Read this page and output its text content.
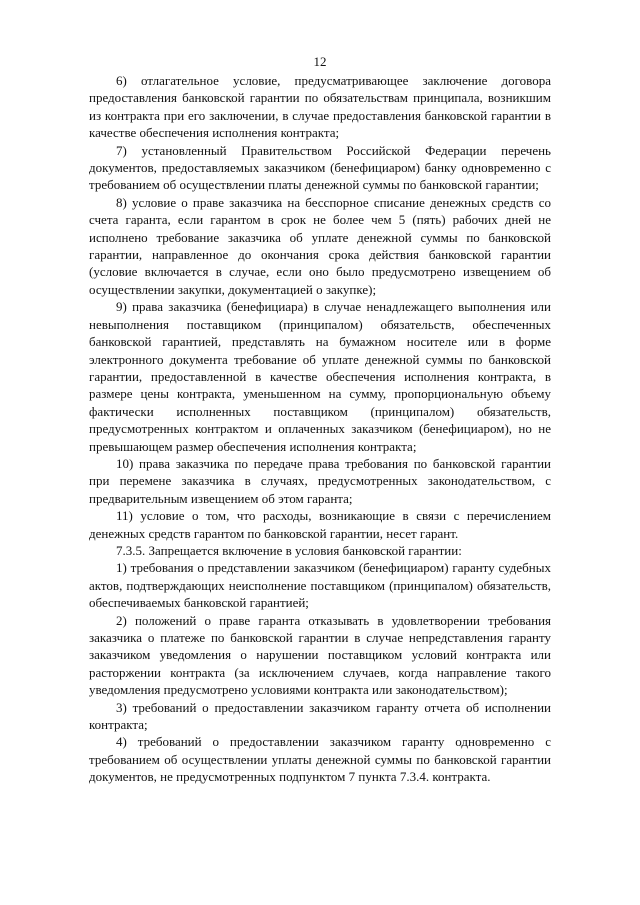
12

6) отлагательное условие, предусматривающее заключение договора предоставления банковской гарантии по обязательствам принципала, возникшим из контракта при его заключении, в случае предоставления банковской гарантии в качестве обеспечения исполнения контракта;

7) установленный Правительством Российской Федерации перечень документов, предоставляемых заказчиком (бенефициаром) банку одновременно с требованием об осуществлении платы денежной суммы по банковской гарантии;

8) условие о праве заказчика на бесспорное списание денежных средств со счета гаранта, если гарантом в срок не более чем 5 (пять) рабочих дней не исполнено требование заказчика об уплате денежной суммы по банковской гарантии, направленное до окончания срока действия банковской гарантии (условие включается в случае, если оно было предусмотрено извещением об осуществлении закупки, документацией о закупке);

9) права заказчика (бенефициара) в случае ненадлежащего выполнения или невыполнения поставщиком (принципалом) обязательств, обеспеченных банковской гарантией, представлять на бумажном носителе или в форме электронного документа требование об уплате денежной суммы по банковской гарантии, предоставленной в качестве обеспечения исполнения контракта, в размере цены контракта, уменьшенном на сумму, пропорциональную объему фактически исполненных поставщиком (принципалом) обязательств, предусмотренных контрактом и оплаченных заказчиком (бенефициаром), но не превышающем размер обеспечения исполнения контракта;

10) права заказчика по передаче права требования по банковской гарантии при перемене заказчика в случаях, предусмотренных законодательством, с предварительным извещением об этом гаранта;

11) условие о том, что расходы, возникающие в связи с перечислением денежных средств гарантом по банковской гарантии, несет гарант.

7.3.5. Запрещается включение в условия банковской гарантии:

1) требования о представлении заказчиком (бенефициаром) гаранту судебных актов, подтверждающих неисполнение поставщиком (принципалом) обязательств, обеспечиваемых банковской гарантией;

2) положений о праве гаранта отказывать в удовлетворении требования заказчика о платеже по банковской гарантии в случае непредставления гаранту заказчиком уведомления о нарушении поставщиком условий контракта или расторжении контракта (за исключением случаев, когда направление такого уведомления предусмотрено условиями контракта или законодательством);

3) требований о предоставлении заказчиком гаранту отчета об исполнении контракта;

4) требований о предоставлении заказчиком гаранту одновременно с требованием об осуществлении уплаты денежной суммы по банковской гарантии документов, не предусмотренных подпунктом 7 пункта 7.3.4. контракта.
